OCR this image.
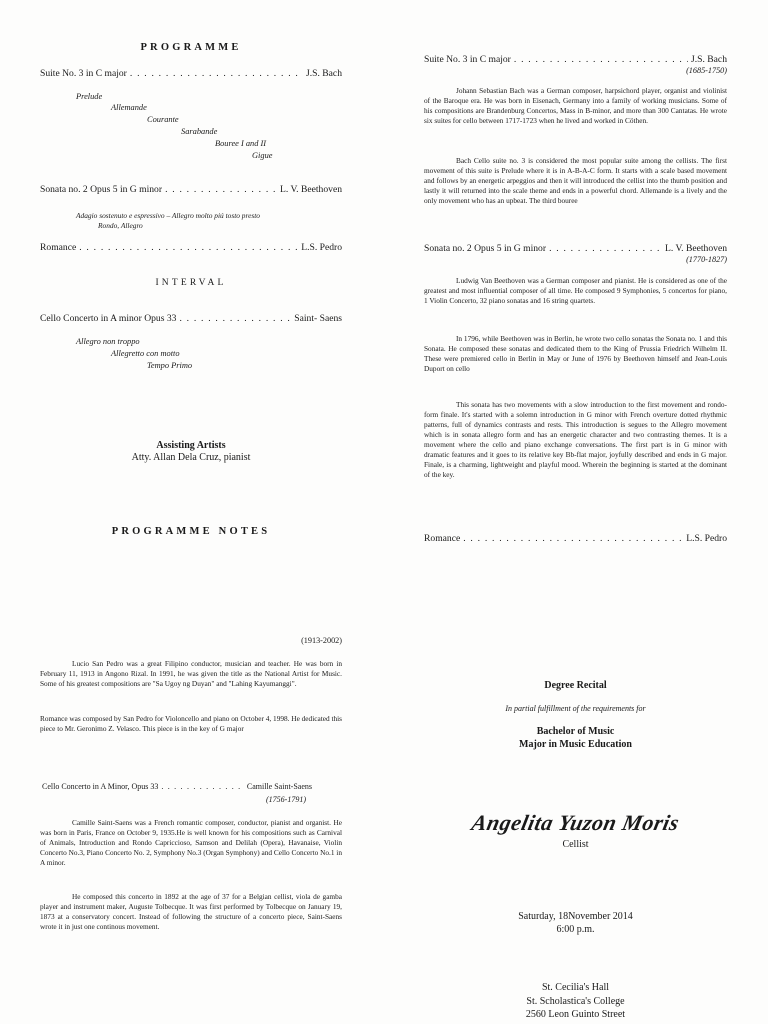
PROGRAMME
Suite No. 3 in C major . . .	J.S. Bach
Prelude
Allemande
Courante
Sarabande
Bouree I and II
Gigue
Sonata no. 2 Opus 5 in G minor . . .	L. V. Beethoven
Adagio sostenuto e espressivo – Allegro molto piú tosto presto
Rondo, Allegro
Romance . . .	L.S. Pedro
INTERVAL
Cello Concerto in A minor Opus 33 . . .	Saint- Saens
Allegro non troppo
Allegretto con motto
Tempo Primo
Assisting Artists
Atty. Allan Dela Cruz, pianist
PROGRAMME NOTES
(1913-2002)

Lucio San Pedro was a great Filipino conductor, musician and teacher. He was born in February 11, 1913 in Angono Rizal. In 1991, he was given the title as the National Artist for Music. Some of his greatest compositions are "Sa Ugoy ng Duyan" and "Lahing Kayumanggi".

Romance was composed by San Pedro for Violoncello and piano on October 4, 1998. He dedicated this piece to Mr. Geronimo Z. Velasco. This piece is in the key of G major

Cello Concerto in A Minor, Opus 33 . . .	Camille Saint-Saens
(1756-1791)

Camille Saint-Saens was a French romantic composer, conductor, pianist and organist. He was born in Paris, France on October 9, 1935.He is well known for his compositions such as Carnival of Animals, Introduction and Rondo Capriccioso, Samson and Delilah (Opera), Havanaise, Violin Concerto No.3, Piano Concerto No. 2, Symphony No.3 (Organ Symphony) and Cello Concerto No.1 in A minor.

He composed this concerto in 1892 at the age of 37 for a Belgian cellist, viola de gamba player and instrument maker, Auguste Tolbecque. It was first performed by Tolbecque on January 19, 1873 at a conservatory concert. Instead of following the structure of a concerto piece, Saint-Saens wrote it in just one continous movement.

Suite No. 3 in C major . . .	J.S. Bach
(1685-1750)

Johann Sebastian Bach was a German composer, harpsichord player, organist and violinist of the Baroque era. He was born in Eisenach, Germany into a family of working musicians. Some of his compositions are Brandenburg Concertos, Mass in B-minor, and more than 300 Cantatas. He wrote six suites for cello between 1717-1723 when he lived and worked in Cöthen.

Bach Cello suite no. 3 is considered the most popular suite among the cellists. The first movement of this suite is Prelude where it is in A-B-A-C form. It starts with a scale based movement and follows by an energetic arpeggios and then it will introduced the cellist into the thumb position and lastly it will returned into the scale theme and ends in a powerful chord. Allemande is a lively and the only movement who has an upbeat. The third bouree

Sonata no. 2 Opus 5 in G minor . . .	L. V. Beethoven
(1770-1827)

Ludwig Van Beethoven was a German composer and pianist. He is considered as one of the greatest and most influential composer of all time. He composed 9 Symphonies, 5 concertos for piano, 1 Violin Concerto, 32 piano sonatas and 16 string quartets.

In 1796, while Beethoven was in Berlin, he wrote two cello sonatas the Sonata no. 1 and this Sonata. He composed these sonatas and dedicated them to the King of Prussia Friedrich Wilhelm II. These were premiered cello in Berlin in May or June of 1976 by Beethoven himself and Jean-Louis Duport on cello

This sonata has two movements with a slow introduction to the first movement and rondo-form finale. It's started with a solemn introduction in G minor with French overture dotted rhythmic patterns, full of dynamics contrasts and rests. This introduction is segues to the Allegro movement which is in sonata allegro form and has an energetic character and two contrasting themes. It is a movement where the cello and piano exchange conversations. The first part is in G minor with dramatic features and it goes to its relative key Bb-flat major, joyfully described and ends in G major. Finale, is a charming, lightweight and playful mood. Wherein the beginning is started at the dominant of the key.

Romance . . .	L.S. Pedro
Degree Recital
In partial fulfillment of the requirements for
Bachelor of Music
Major in Music Education
Angelita Yuzon Moris
Cellist
Saturday, 18November 2014
6:00 p.m.
St. Cecilia's Hall
St. Scholastica's College
2560 Leon Guinto Street
